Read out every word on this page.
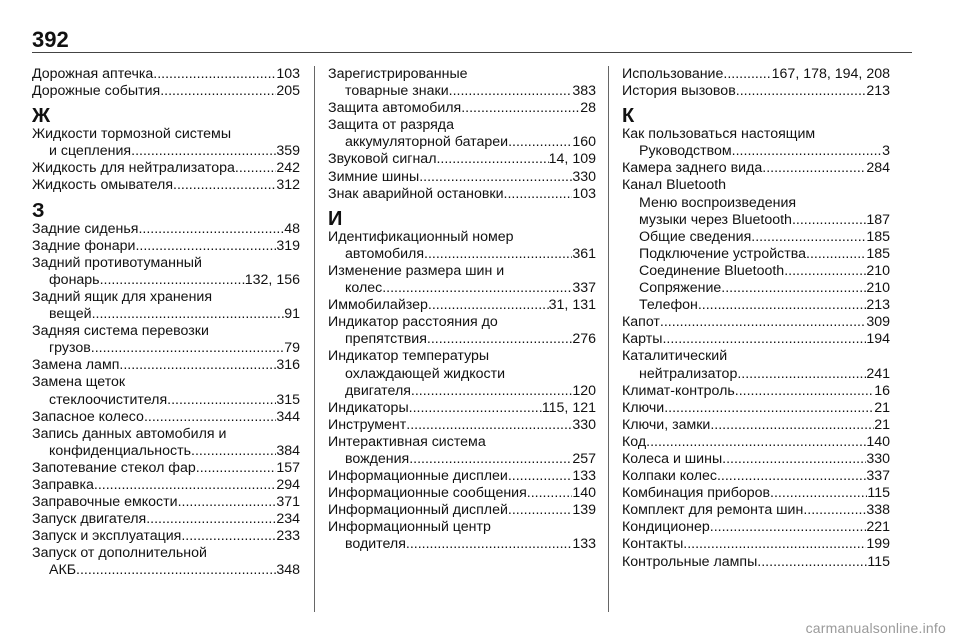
392
Дорожная аптечка .....	103
Дорожные события .....	205
Ж
Жидкости тормозной системы
и сцепления .....	359
Жидкость для нейтрализатора .....	242
Жидкость омывателя .....	312
З
Задние сиденья .....	48
Задние фонари .....	319
Задний противотуманный
фонарь .....	132, 156
Задний ящик для хранения
вещей .....	91
Задняя система перевозки
грузов .....	79
Замена ламп .....	316
Замена щеток
стеклоочистителя .....	315
Запасное колесо .....	344
Запись данных автомобиля и
конфиденциальность .....	384
Запотевание стекол фар .....	157
Заправка .....	294
Заправочные емкости .....	371
Запуск двигателя .....	234
Запуск и эксплуатация .....	233
Запуск от дополнительной
АКБ .....	348
Зарегистрированные
товарные знаки .....	383
Защита автомобиля .....	28
Защита от разряда
аккумуляторной батареи .....	160
Звуковой сигнал .....	14, 109
Зимние шины .....	330
Знак аварийной остановки .....	103
И
Идентификационный номер
автомобиля .....	361
Изменение размера шин и
колес .....	337
Иммобилайзер .....	31, 131
Индикатор расстояния до
препятствия .....	276
Индикатор температуры
охлаждающей жидкости
двигателя .....	120
Индикаторы .....	115, 121
Инструмент .....	330
Интерактивная система
вождения .....	257
Информационные дисплеи .....	133
Информационные сообщения .....	140
Информационный дисплей .....	139
Информационный центр
водителя .....	133
Использование .....	167, 178, 194, 208
История вызовов .....	213
К
Как пользоваться настоящим
Руководством .....	3
Камера заднего вида .....	284
Канал Bluetooth
Меню воспроизведения
музыки через Bluetooth .....	187
Общие сведения .....	185
Подключение устройства .....	185
Соединение Bluetooth .....	210
Сопряжение .....	210
Телефон .....	213
Капот .....	309
Карты .....	194
Каталитический
нейтрализатор .....	241
Климат-контроль .....	16
Ключи .....	21
Ключи, замки .....	21
Код .....	140
Колеса и шины .....	330
Колпаки колес .....	337
Комбинация приборов .....	115
Комплект для ремонта шин .....	338
Кондиционер .....	221
Контакты .....	199
Контрольные лампы .....	115
carmanualsonline.info
